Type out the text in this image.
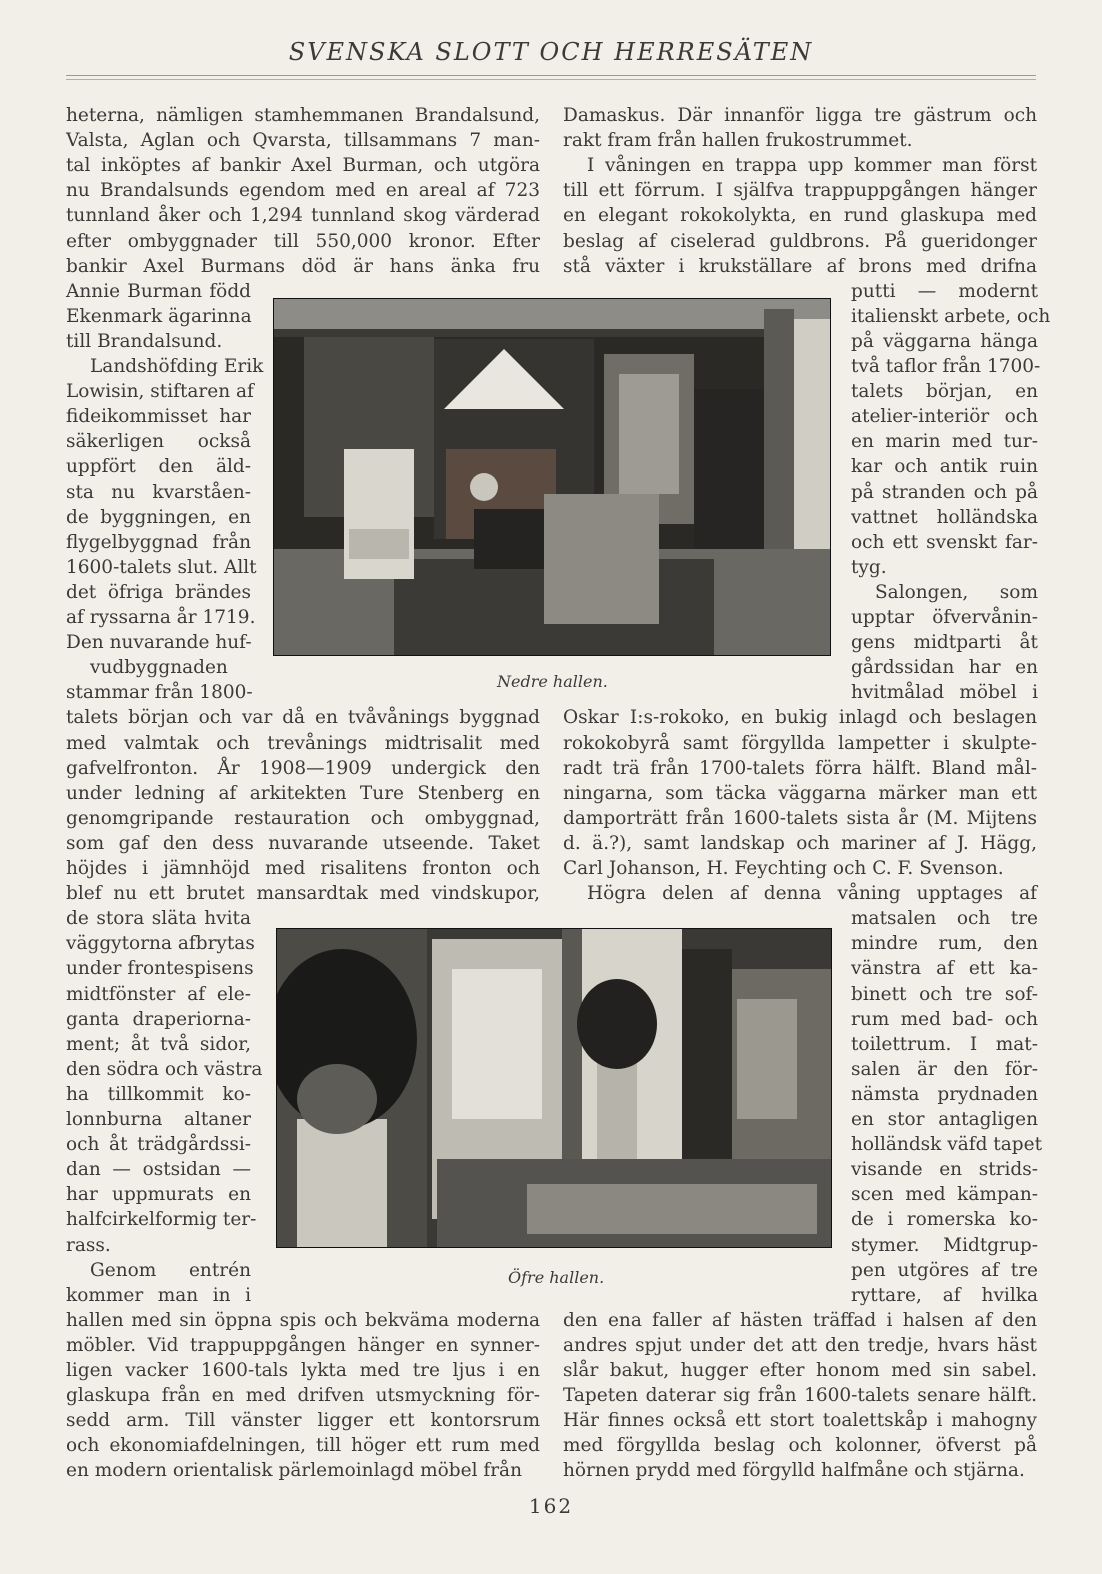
SVENSKA SLOTT OCH HERRESÄTEN
heterna, nämligen stamhemmanen Brandalsund,
Valsta, Aglan och Qvarsta, tillsammans 7 man-
tal inköptes af bankir Axel Burman, och utgöra
nu Brandalsunds egendom med en areal af 723
tunnland åker och 1,294 tunnland skog värderad
efter ombyggnader till 550,000 kronor. Efter
bankir Axel Burmans död är hans änka fru
Annie Burman född
Ekenmark ägarinna
till Brandalsund.
Landshöfding Erik
Lowisin, stiftaren af
fideikommisset har
säkerligen också
uppfört den äld-
sta nu kvarståen-
de byggningen, en
flygelbyggnad från
1600-talets slut. Allt
det öfriga brändes
af ryssarna år 1719.
Den nuvarande huf-
vudbyggnaden
stammar från 1800-
talets början och var då en tvåvånings byggnad
med valmtak och trevånings midtrisalit med
gafvelfronton. År 1908—1909 undergick den
under ledning af arkitekten Ture Stenberg en
genomgripande restauration och ombyggnad,
som gaf den dess nuvarande utseende. Taket
höjdes i jämnhöjd med risalitens fronton och
blef nu ett brutet mansardtak med vindskupor,
de stora släta hvita
väggytorna afbrytas
under frontespisens
midtfönster af ele-
ganta draperiorna-
ment; åt två sidor,
den södra och västra
ha tillkommit ko-
lonnburna altaner
och åt trädgårdssi-
dan — ostsidan —
har uppmurats en
halfcirkelformig ter-
rass.
Genom entrén
kommer man in i
hallen med sin öppna spis och bekväma moderna
möbler. Vid trappuppgången hänger en synner-
ligen vacker 1600-tals lykta med tre ljus i en
glaskupa från en med drifven utsmyckning för-
sedd arm. Till vänster ligger ett kontorsrum
och ekonomiafdelningen, till höger ett rum med
en modern orientalisk pärlemoinlagd möbel från
Damaskus. Där innanför ligga tre gästrum och
rakt fram från hallen frukostrummet.
I våningen en trappa upp kommer man först
till ett förrum. I själfva trappuppgången hänger
en elegant rokokolykta, en rund glaskupa med
beslag af ciselerad guldbrons. På gueridonger
stå växter i krukställare af brons med drifna
putti — modernt
italienskt arbete, och
på väggarna hänga
två taflor från 1700-
talets början, en
atelier-interiör och
en marin med tur-
kar och antik ruin
på stranden och på
vattnet holländska
och ett svenskt far-
tyg.
Salongen, som
upptar öfvervånin-
gens midtparti åt
gårdssidan har en
hvitmålad möbel i
Oskar I:s-rokoko, en bukig inlagd och beslagen
rokokobyrå samt förgyllda lampetter i skulpte-
radt trä från 1700-talets förra hälft. Bland mål-
ningarna, som täcka väggarna märker man ett
damporträtt från 1600-talets sista år (M. Mijtens
d. ä.?), samt landskap och mariner af J. Hägg,
Carl Johanson, H. Feychting och C. F. Svenson.
Högra delen af denna våning upptages af
matsalen och tre
mindre rum, den
vänstra af ett ka-
binett och tre sof-
rum med bad- och
toilettrum. I mat-
salen är den för-
nämsta prydnaden
en stor antagligen
holländsk väfd tapet
visande en strids-
scen med kämpan-
de i romerska ko-
stymer. Midtgrup-
pen utgöres af tre
ryttare, af hvilka
den ena faller af hästen träffad i halsen af den
andres spjut under det att den tredje, hvars häst
slår bakut, hugger efter honom med sin sabel.
Tapeten daterar sig från 1600-talets senare hälft.
Här finnes också ett stort toalettskåp i mahogny
med förgyllda beslag och kolonner, öfverst på
hörnen prydd med förgylld halfmåne och stjärna.
Nedre hallen.
Öfre hallen.
162
